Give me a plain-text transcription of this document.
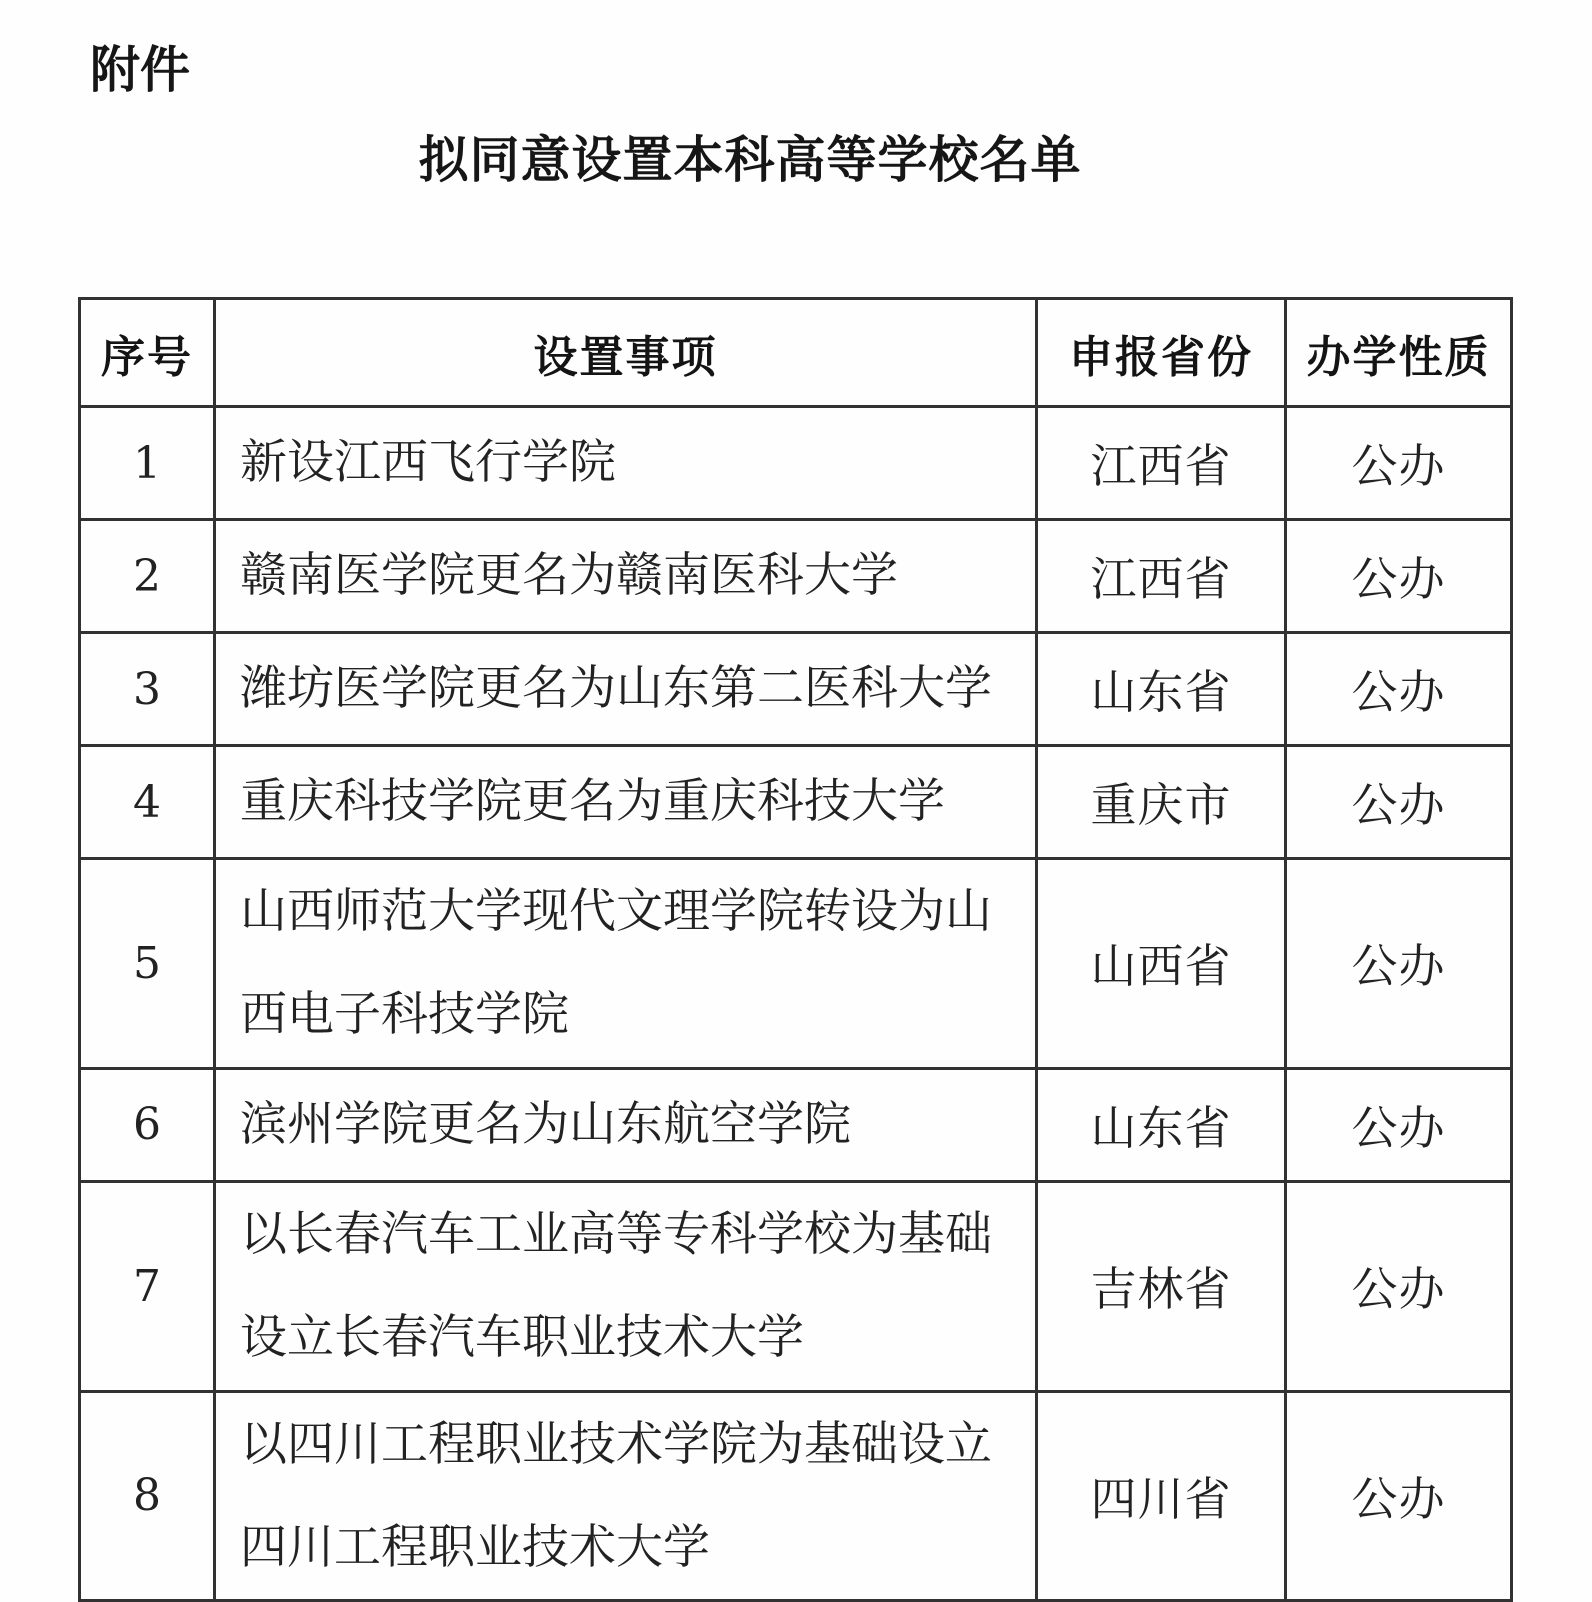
附件
拟同意设置本科高等学校名单
序号	设置事项	申报省份	办学性质
1	新设江西飞行学院	江西省	公办
2	赣南医学院更名为赣南医科大学	江西省	公办
3	潍坊医学院更名为山东第二医科大学	山东省	公办
4	重庆科技学院更名为重庆科技大学	重庆市	公办
5	山西师范大学现代文理学院转设为山西电子科技学院	山西省	公办
6	滨州学院更名为山东航空学院	山东省	公办
7	以长春汽车工业高等专科学校为基础设立长春汽车职业技术大学	吉林省	公办
8	以四川工程职业技术学院为基础设立四川工程职业技术大学	四川省	公办
